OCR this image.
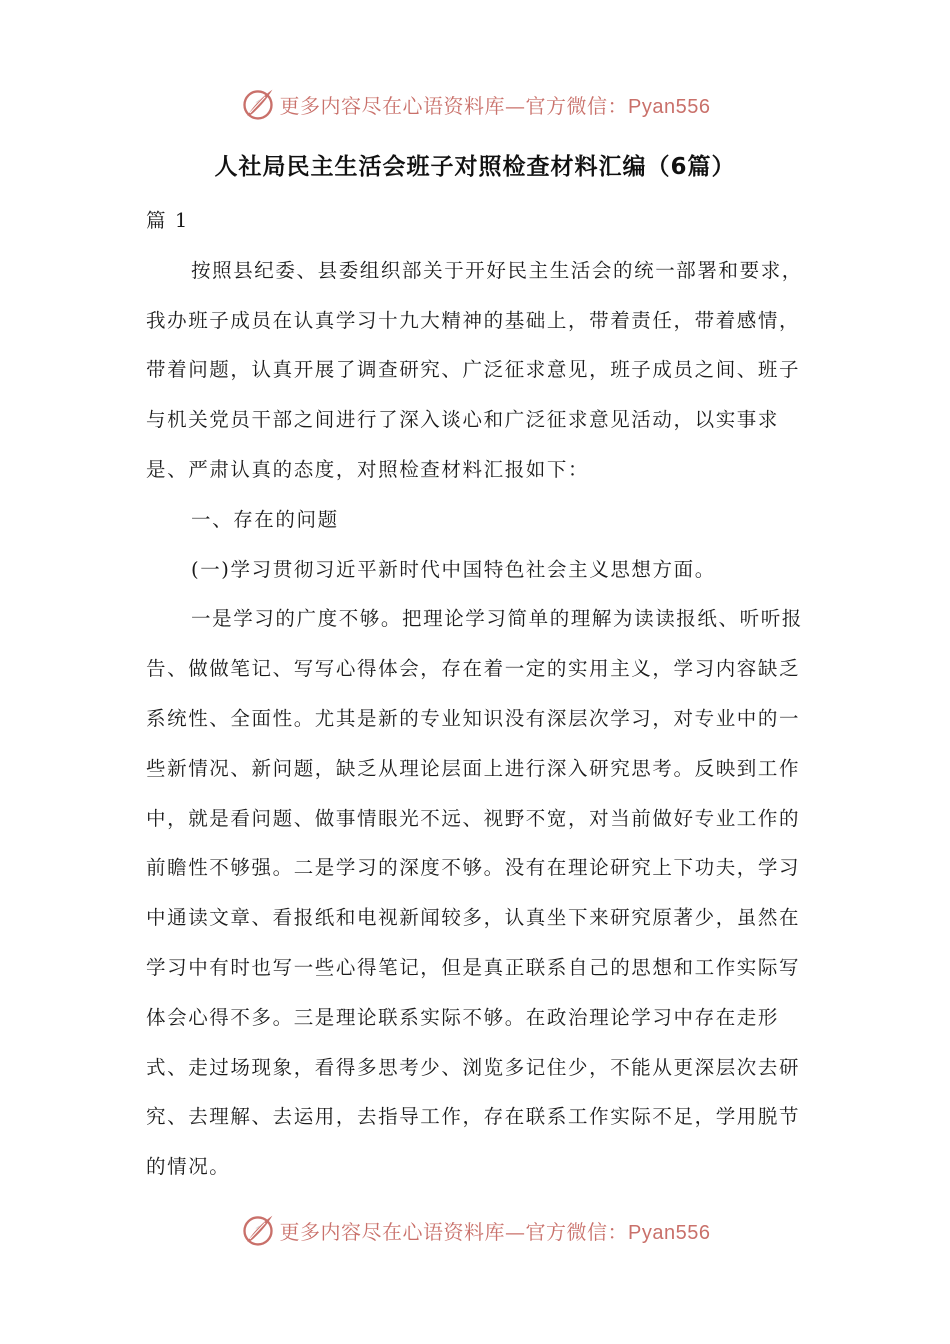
更多内容尽在心语资料库—官方微信：Pyan556
人社局民主生活会班子对照检查材料汇编（6篇）

篇 1

按照县纪委、县委组织部关于开好民主生活会的统一部署和要求，我办班子成员在认真学习十九大精神的基础上，带着责任，带着感情，带着问题，认真开展了调查研究、广泛征求意见，班子成员之间、班子与机关党员干部之间进行了深入谈心和广泛征求意见活动，以实事求是、严肃认真的态度，对照检查材料汇报如下：

一、存在的问题

(一)学习贯彻习近平新时代中国特色社会主义思想方面。

一是学习的广度不够。把理论学习简单的理解为读读报纸、听听报告、做做笔记、写写心得体会，存在着一定的实用主义，学习内容缺乏系统性、全面性。尤其是新的专业知识没有深层次学习，对专业中的一些新情况、新问题，缺乏从理论层面上进行深入研究思考。反映到工作中，就是看问题、做事情眼光不远、视野不宽，对当前做好专业工作的前瞻性不够强。二是学习的深度不够。没有在理论研究上下功夫，学习中通读文章、看报纸和电视新闻较多，认真坐下来研究原著少，虽然在学习中有时也写一些心得笔记，但是真正联系自己的思想和工作实际写体会心得不多。三是理论联系实际不够。在政治理论学习中存在走形式、走过场现象，看得多思考少、浏览多记住少，不能从更深层次去研究、去理解、去运用，去指导工作，存在联系工作实际不足，学用脱节的情况。

更多内容尽在心语资料库—官方微信：Pyan556
